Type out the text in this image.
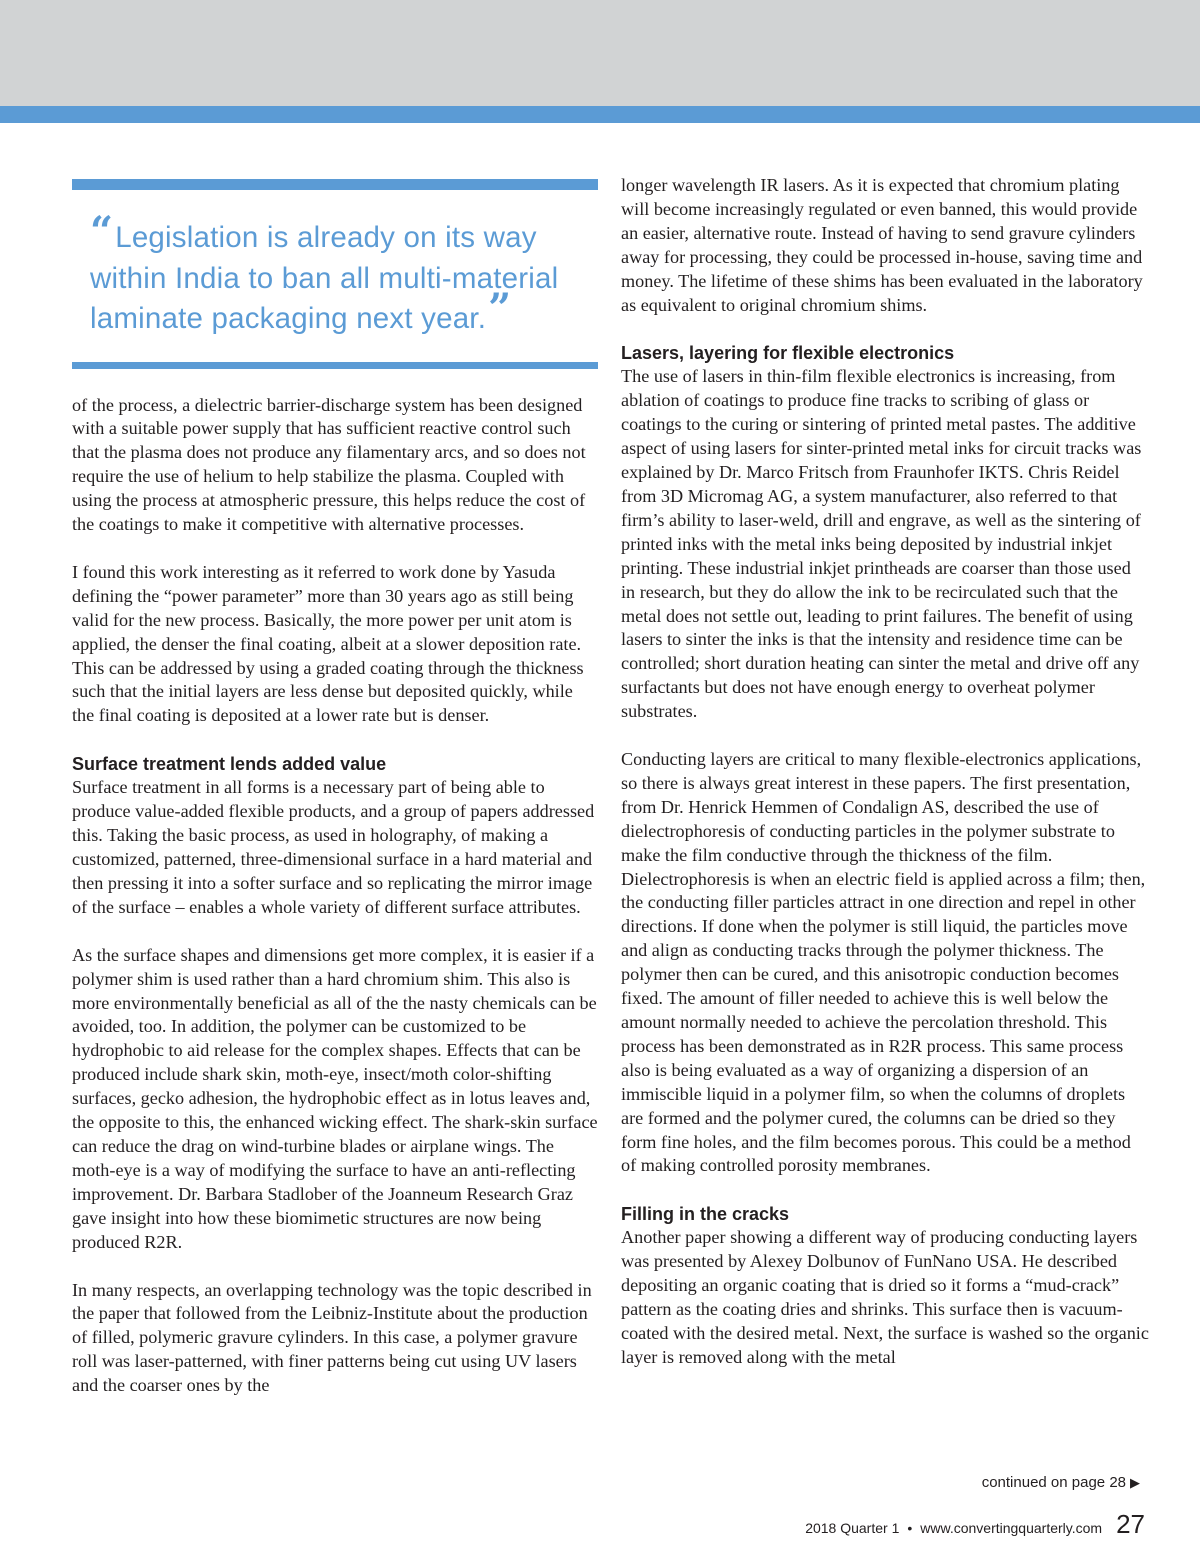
“Legislation is already on its way within India to ban all multi-material laminate packaging next year.”

of the process, a dielectric barrier-discharge system has been designed with a suitable power supply that has sufficient reactive control such that the plasma does not produce any filamentary arcs, and so does not require the use of helium to help stabilize the plasma. Coupled with using the process at atmospheric pressure, this helps reduce the cost of the coatings to make it competitive with alternative processes.

I found this work interesting as it referred to work done by Yasuda defining the “power parameter” more than 30 years ago as still being valid for the new process. Basically, the more power per unit atom is applied, the denser the final coating, albeit at a slower deposition rate. This can be addressed by using a graded coating through the thickness such that the initial layers are less dense but deposited quickly, while the final coating is deposited at a lower rate but is denser.

Surface treatment lends added value

Surface treatment in all forms is a necessary part of being able to produce value-added flexible products, and a group of papers addressed this. Taking the basic process, as used in holography, of making a customized, patterned, three-dimensional surface in a hard material and then pressing it into a softer surface and so replicating the mirror image of the surface – enables a whole variety of different surface attributes.

As the surface shapes and dimensions get more complex, it is easier if a polymer shim is used rather than a hard chromium shim. This also is more environmentally beneficial as all of the the nasty chemicals can be avoided, too. In addition, the polymer can be customized to be hydrophobic to aid release for the complex shapes. Effects that can be produced include shark skin, moth-eye, insect/moth color-shifting surfaces, gecko adhesion, the hydrophobic effect as in lotus leaves and, the opposite to this, the enhanced wicking effect. The shark-skin surface can reduce the drag on wind-turbine blades or airplane wings. The moth-eye is a way of modifying the surface to have an anti-reflecting improvement. Dr. Barbara Stadlober of the Joanneum Research Graz gave insight into how these biomimetic structures are now being produced R2R.

In many respects, an overlapping technology was the topic described in the paper that followed from the Leibniz-Institute about the production of filled, polymeric gravure cylinders. In this case, a polymer gravure roll was laser-patterned, with finer patterns being cut using UV lasers and the coarser ones by the

longer wavelength IR lasers. As it is expected that chromium plating will become increasingly regulated or even banned, this would provide an easier, alternative route. Instead of having to send gravure cylinders away for processing, they could be processed in-house, saving time and money. The lifetime of these shims has been evaluated in the laboratory as equivalent to original chromium shims.

Lasers, layering for flexible electronics

The use of lasers in thin-film flexible electronics is increasing, from ablation of coatings to produce fine tracks to scribing of glass or coatings to the curing or sintering of printed metal pastes. The additive aspect of using lasers for sinter-printed metal inks for circuit tracks was explained by Dr. Marco Fritsch from Fraunhofer IKTS. Chris Reidel from 3D Micromag AG, a system manufacturer, also referred to that firm’s ability to laser-weld, drill and engrave, as well as the sintering of printed inks with the metal inks being deposited by industrial inkjet printing. These industrial inkjet printheads are coarser than those used in research, but they do allow the ink to be recirculated such that the metal does not settle out, leading to print failures. The benefit of using lasers to sinter the inks is that the intensity and residence time can be controlled; short duration heating can sinter the metal and drive off any surfactants but does not have enough energy to overheat polymer substrates.

Conducting layers are critical to many flexible-electronics applications, so there is always great interest in these papers. The first presentation, from Dr. Henrick Hemmen of Condalign AS, described the use of dielectrophoresis of conducting particles in the polymer substrate to make the film conductive through the thickness of the film. Dielectrophoresis is when an electric field is applied across a film; then, the conducting filler particles attract in one direction and repel in other directions. If done when the polymer is still liquid, the particles move and align as conducting tracks through the polymer thickness. The polymer then can be cured, and this anisotropic conduction becomes fixed. The amount of filler needed to achieve this is well below the amount normally needed to achieve the percolation threshold. This process has been demonstrated as in R2R process. This same process also is being evaluated as a way of organizing a dispersion of an immiscible liquid in a polymer film, so when the columns of droplets are formed and the polymer cured, the columns can be dried so they form fine holes, and the film becomes porous. This could be a method of making controlled porosity membranes.

Filling in the cracks

Another paper showing a different way of producing conducting layers was presented by Alexey Dolbunov of FunNano USA. He described depositing an organic coating that is dried so it forms a “mud-crack” pattern as the coating dries and shrinks. This surface then is vacuum-coated with the desired metal. Next, the surface is washed so the organic layer is removed along with the metal

continued on page 28 ▶
2018 Quarter 1 • www.convertingquarterly.com 27
